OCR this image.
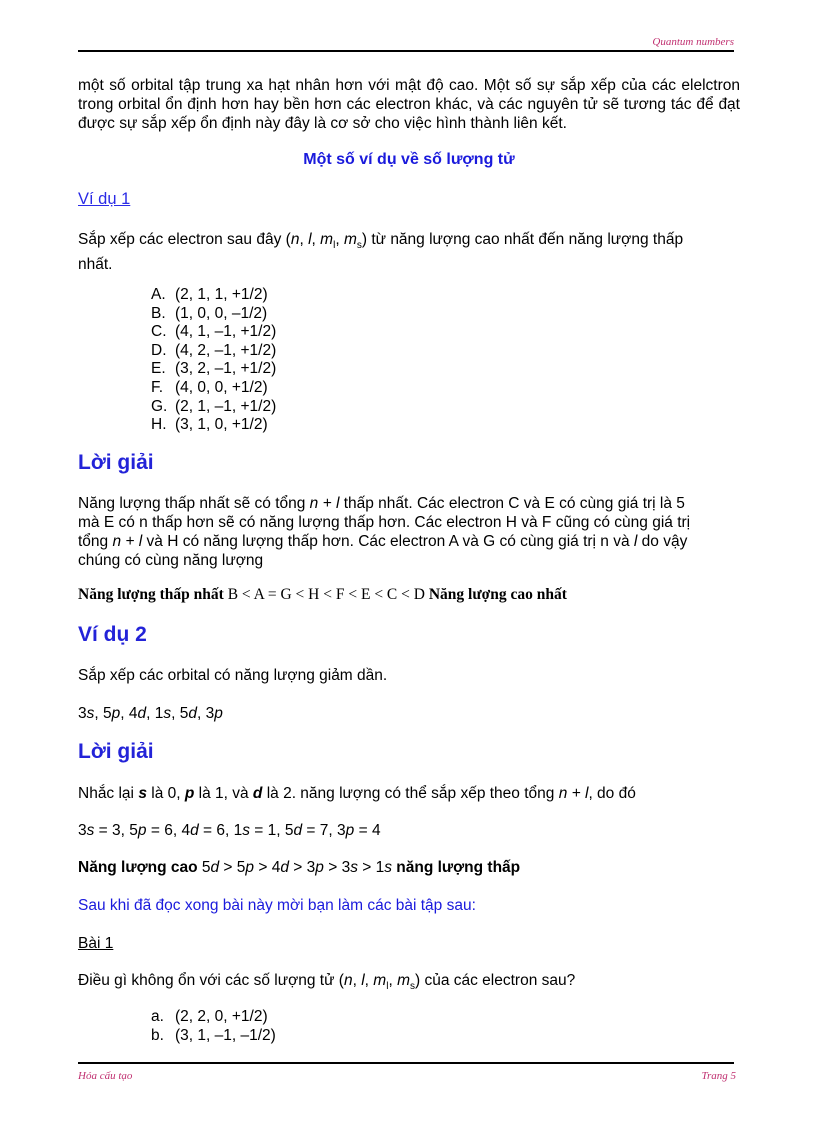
Quantum numbers
một số orbital tập trung xa hạt nhân hơn với mật độ cao. Một số sự sắp xếp của các elelctron trong orbital ổn định hơn hay bền hơn các electron khác, và các nguyên tử sẽ tương tác để đạt được sự sắp xếp ổn định này đây là cơ sở cho việc hình thành liên kết.
Một số ví dụ về số lượng tử
Ví dụ 1
Sắp xếp các electron sau đây (n, l, $m_l$, $m_s$) từ năng lượng cao nhất đến năng lượng thấp
nhất.
A. (2, 1, 1, +1/2)
B. (1, 0, 0, –1/2)
C. (4, 1, –1, +1/2)
D. (4, 2, –1, +1/2)
E. (3, 2, –1, +1/2)
F. (4, 0, 0, +1/2)
G. (2, 1, –1, +1/2)
H. (3, 1, 0, +1/2)
Lời giải
Năng lượng thấp nhất sẽ có tổng n + l thấp nhất. Các electron C và E có cùng giá trị là 5
mà E có n thấp hơn sẽ có năng lượng thấp hơn. Các electron H và F cũng có cùng giá trị
tổng n + l và H có năng lượng thấp hơn. Các electron A và G có cùng giá trị n và l do vậy
chúng có cùng năng lượng
Năng lượng thấp nhất B < A = G < H < F < E < C < D Năng lượng cao nhất
Ví dụ 2
Sắp xếp các orbital có năng lượng giảm dần.
3s, 5p, 4d, 1s, 5d, 3p
Lời giải
Nhắc lại s là 0, p là 1, và d là 2. năng lượng có thể sắp xếp theo tổng n + l, do đó
3s = 3, 5p = 6, 4d = 6, 1s = 1, 5d = 7, 3p = 4
Năng lượng cao 5d > 5p > 4d > 3p > 3s > 1s năng lượng thấp
Sau khi đã đọc xong bài này mời bạn làm các bài tập sau:
Bài 1
Điều gì không ổn với các số lượng tử (n, l, $m_l$, $m_s$) của các electron sau?
a. (2, 2, 0, +1/2)
b. (3, 1, –1, –1/2)
Hóa cấu tạo	Trang 5
